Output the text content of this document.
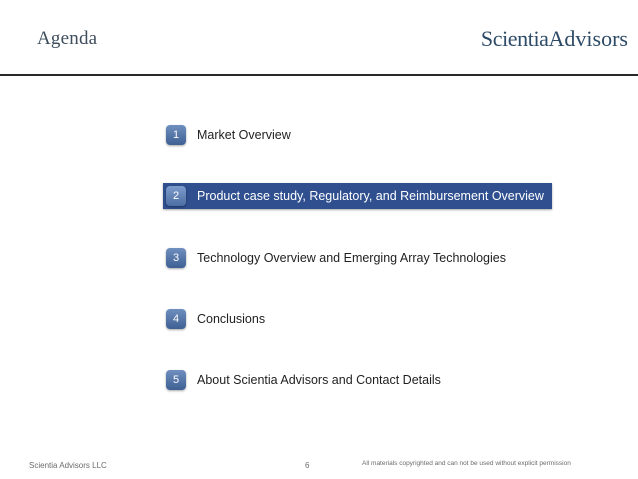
Agenda	ScientiaAdvisors
1	Market Overview
2	Product case study, Regulatory, and Reimbursement Overview
3	Technology Overview and Emerging Array Technologies
4	Conclusions
5	About Scientia Advisors and Contact Details
Scientia Advisors LLC	6	All materials copyrighted and can not be used without explicit permission
